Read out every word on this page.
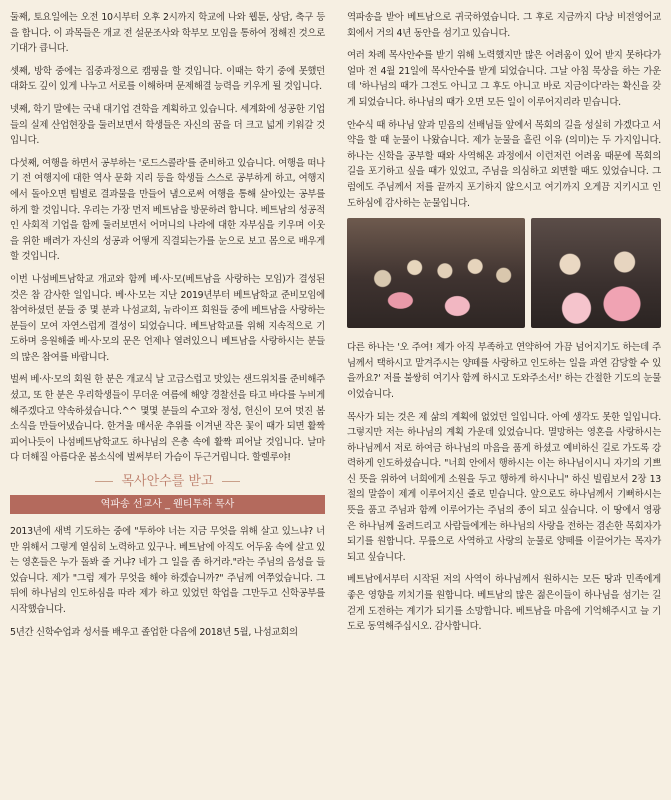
둘째, 토요일에는 오전 10시부터 오후 2시까지 학교에 나와 웹툰, 상담, 축구 등을 합니다. 이 과목들은 개교 전 설문조사와 학부모 모임을 통하여 정해진 것으로 기대가 큽니다.

셋째, 방학 중에는 집중과정으로 캠핑을 할 것입니다. 이때는 학기 중에 못했던 대화도 깊이 있게 나누고 서로를 이해하며 문제해결 능력을 키우게 될 것입니다.

넷째, 학기 말에는 국내 대기업 견학을 계획하고 있습니다. 세계화에 성공한 기업들의 실제 산업현장을 둘러보면서 학생들은 자신의 꿈을 더 크고 넓게 키워갈 것입니다.

다섯째, 여행을 하면서 공부하는 '로드스콜라'를 준비하고 있습니다. 여행을 떠나기 전 여행지에 대한 역사 문화 지리 등을 학생들 스스로 공부하게 하고, 여행지에서 돌아오면 팀별로 결과물을 만들어 냄으로써 여행을 통해 살아있는 공부를 하게 할 것입니다. 우리는 가장 먼저 베트남을 방문하려 합니다. 베트남의 성공적인 사회적 기업을 함께 둘러보면서 어머니의 나라에 대한 자부심을 키우며 이웃을 위한 배려가 자신의 성공과 어떻게 직결되는가를 눈으로 보고 몸으로 배우게 할 것입니다.

이번 나섬베트남학교 개교와 함께 베·사·모(베트남을 사랑하는 모임)가 결성된 것은 참 감사한 일입니다. 베·사·모는 지난 2019년부터 베트남학교 준비모임에 참여하셨던 분들 중 몇 분과 나섬교회, 뉴라이프 회원들 중에 베트남을 사랑하는 분들이 모여 자연스럽게 결성이 되었습니다. 베트남학교를 위해 지속적으로 기도하며 응원해줄 베·사·모의 문은 언제나 열려있으니 베트남을 사랑하시는 분들의 많은 참여를 바랍니다.

벌써 베·사·모의 회원 한 분은 개교식 날 고급스럽고 맛있는 샌드위치를 준비해주셨고, 또 한 분은 우리학생들이 무더운 여름에 해양 경찰선을 타고 바다를 누비게 해주겠다고 약속하셨습니다.^^ 몇몇 분들의 수고와 정성, 헌신이 모여 멋진 봄소식을 만들어냈습니다. 한겨울 매서운 추위를 이겨낸 작은 꽃이 때가 되면 활짝 피어나듯이 나섬베트남학교도 하나님의 은총 속에 활짝 피어날 것입니다. 날마다 더해질 아름다운 봄소식에 벌써부터 가슴이 두근거립니다. 할렐루야!

목사안수를 받고
역파송 선교사 _ 웬티투하 목사

2013년에 새벽 기도하는 중에 "투하야 너는 지금 무엇을 위해 살고 있느냐? 너만 위해서 그렇게 열심히 노력하고 있구나. 베트남에 아직도 어두움 속에 살고 있는 영혼들은 누가 돌봐 줄 거냐? 네가 그 일을 좀 하거라."라는 주님의 음성을 들었습니다. 제가 "그럼 제가 무엇을 해야 하겠습니까?" 주님께 여쭈었습니다. 그 뒤에 하나님의 인도하심을 따라 제가 하고 있었던 학업을 그만두고 신학공부를 시작했습니다.

5년간 신학수업과 성서를 배우고 졸업한 다음에 2018년 5월, 나섬교회의

역파송을 받아 베트남으로 귀국하였습니다. 그 후로 지금까지 다낭 비전영어교회에서 거의 4년 동안을 섬기고 있습니다.

여러 차례 목사안수를 받기 위해 노력했지만 많은 어려움이 있어 받지 못하다가 얼마 전 4월 21일에 목사안수를 받게 되었습니다. 그날 아침 묵상을 하는 가운데 '하나님의 때가 그전도 아니고 그 후도 아니고 바로 지금이다'라는 확신을 갖게 되었습니다. 하나님의 때가 오면 모든 일이 이루어지리라 믿습니다.

안수식 때 하나님 앞과 믿음의 선배님들 앞에서 목회의 길을 성실히 가겠다고 서약을 할 때 눈물이 나왔습니다. 제가 눈물을 흘린 이유 (의미)는 두 가지입니다. 하나는 신학을 공부할 때와 사역해온 과정에서 이런저런 어려움 때문에 목회의 길을 포기하고 싶을 때가 있었고, 주님을 의심하고 외면할 때도 있었습니다. 그럼에도 주님께서 저를 끝까지 포기하지 않으시고 여기까지 오게끔 지키시고 인도하심에 감사하는 눈물입니다.

다른 하나는 '오 주여! 제가 아직 부족하고 연약하여 가끔 넘어지기도 하는데 주님께서 택하시고 맡겨주시는 양떼를 사랑하고 인도하는 일을 과연 감당할 수 있을까요?' 저를 불쌍히 여기사 함께 하시고 도와주소서!' 하는 간절한 기도의 눈물이었습니다.

목사가 되는 것은 제 삶의 계획에 없었던 일입니다. 아예 생각도 못한 일입니다. 그렇지만 저는 하나님의 계획 가운데 있었습니다. 멸망하는 영혼을 사랑하시는 하나님께서 저로 하여금 하나님의 마음을 품게 하셨고 예비하신 길로 가도록 강력하게 인도하셨습니다. "너희 안에서 행하시는 이는 하나님이시니 자기의 기쁘신 뜻을 위하여 너희에게 소원을 두고 행하게 하시나니" 하신 빌립보서 2장 13절의 말씀이 제게 이루어지신 줄로 믿습니다. 앞으로도 하나님께서 기뻐하시는 뜻을 품고 주님과 함께 이루어가는 주님의 종이 되고 싶습니다. 이 땅에서 영광은 하나님께 올려드리고 사람들에게는 하나님의 사랑을 전하는 겸손한 목회자가 되기를 원합니다. 무릎으로 사역하고 사랑의 눈물로 양떼를 이끌어가는 목자가 되고 싶습니다.

베트남에서부터 시작된 저의 사역이 하나님께서 원하시는 모든 땅과 민족에게 좋은 영향을 끼치기를 원합니다. 베트남의 많은 젊은이들이 하나님을 섬기는 길 걷게 도전하는 계기가 되기를 소망합니다. 베트남을 마음에 기억해주시고 늘 기도로 동역해주십시오. 감사합니다.
